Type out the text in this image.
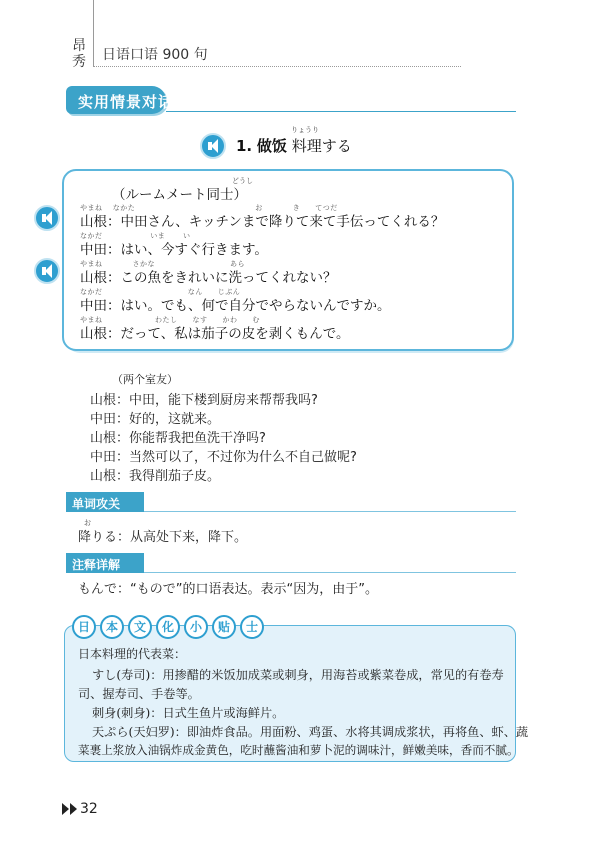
昂秀 日语口语 900 句
实用情景对话
りょうり
1. 做饭 料理する
どうし
（ルームメート同士）
やまね　 なかた　　　　　　　　　　　　　　　　お　　　　き　　てつだ
山根：中田さん、キッチンまで降りて来て手伝ってくれる？
なかだ　　　　　　 いま　　 い
中田：はい、今すぐ行きます。
やまね　　　　さかな　　　　　　　　　　あら
山根：この魚をきれいに洗ってくれない？
なかだ　　　　　　　　　　　 なん　　じぶん
中田：はい。でも、何で自分でやらないんですか。
やまね　　　　　　　わたし　　なす　　かわ　　む
山根：だって、私は茄子の皮を剥くもんで。
（两个室友）
山根：中田，能下楼到厨房来帮帮我吗?
中田：好的，这就来。
山根：你能帮我把鱼洗干净吗?
中田：当然可以了，不过你为什么不自己做呢?
山根：我得削茄子皮。
单词攻关
お
降りる：从高处下来，降下。
注释详解
もんで：“もので”的口语表达。表示“因为，由于”。
日	本	文	化	小	贴	士
日本料理的代表菜：
すし(寿司)：用掺醋的米饭加成菜或刺身，用海苔或紫菜卷成，常见的有卷寿
司、握寿司、手卷等。
刺身(刺身)：日式生鱼片或海鲜片。
天ぷら(天妇罗)：即油炸食品。用面粉、鸡蛋、水将其调成浆状，再将鱼、虾、蔬
菜裹上浆放入油锅炸成金黄色，吃时蘸酱油和萝卜泥的调味汁，鲜嫩美味，香而不腻。
32
